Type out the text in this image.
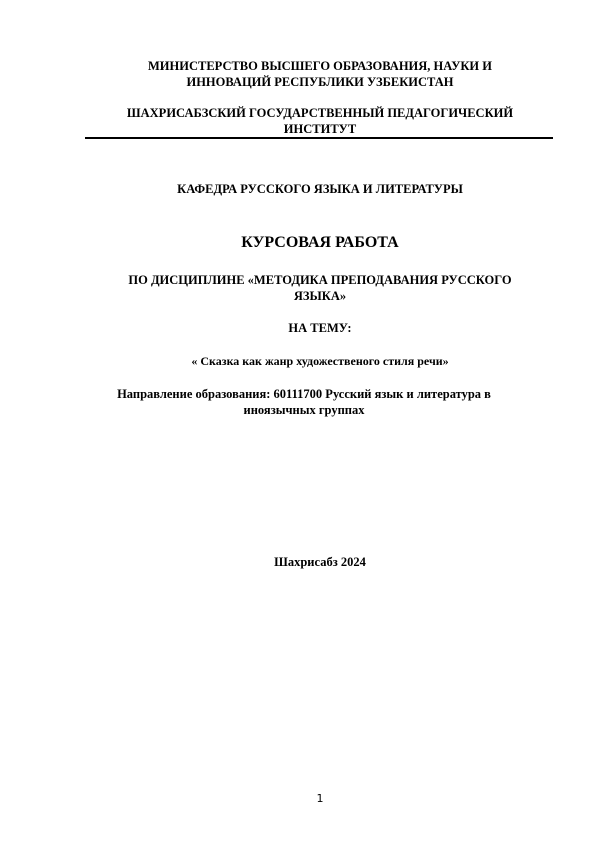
МИНИСТЕРСТВО ВЫСШЕГО ОБРАЗОВАНИЯ, НАУКИ И
ИННОВАЦИЙ РЕСПУБЛИКИ УЗБЕКИСТАН
ШАХРИСАБЗСКИЙ ГОСУДАРСТВЕННЫЙ ПЕДАГОГИЧЕСКИЙ
ИНСТИТУТ
КАФЕДРА РУССКОГО ЯЗЫКА И ЛИТЕРАТУРЫ
КУРСОВАЯ РАБОТА
ПО ДИСЦИПЛИНЕ «МЕТОДИКА ПРЕПОДАВАНИЯ РУССКОГО
ЯЗЫКА»
НА ТЕМУ:
« Сказка как жанр художественого стиля речи»
Направление образования: 60111700 Русский язык и литература в
иноязычных группах
Шахрисабз 2024
1
